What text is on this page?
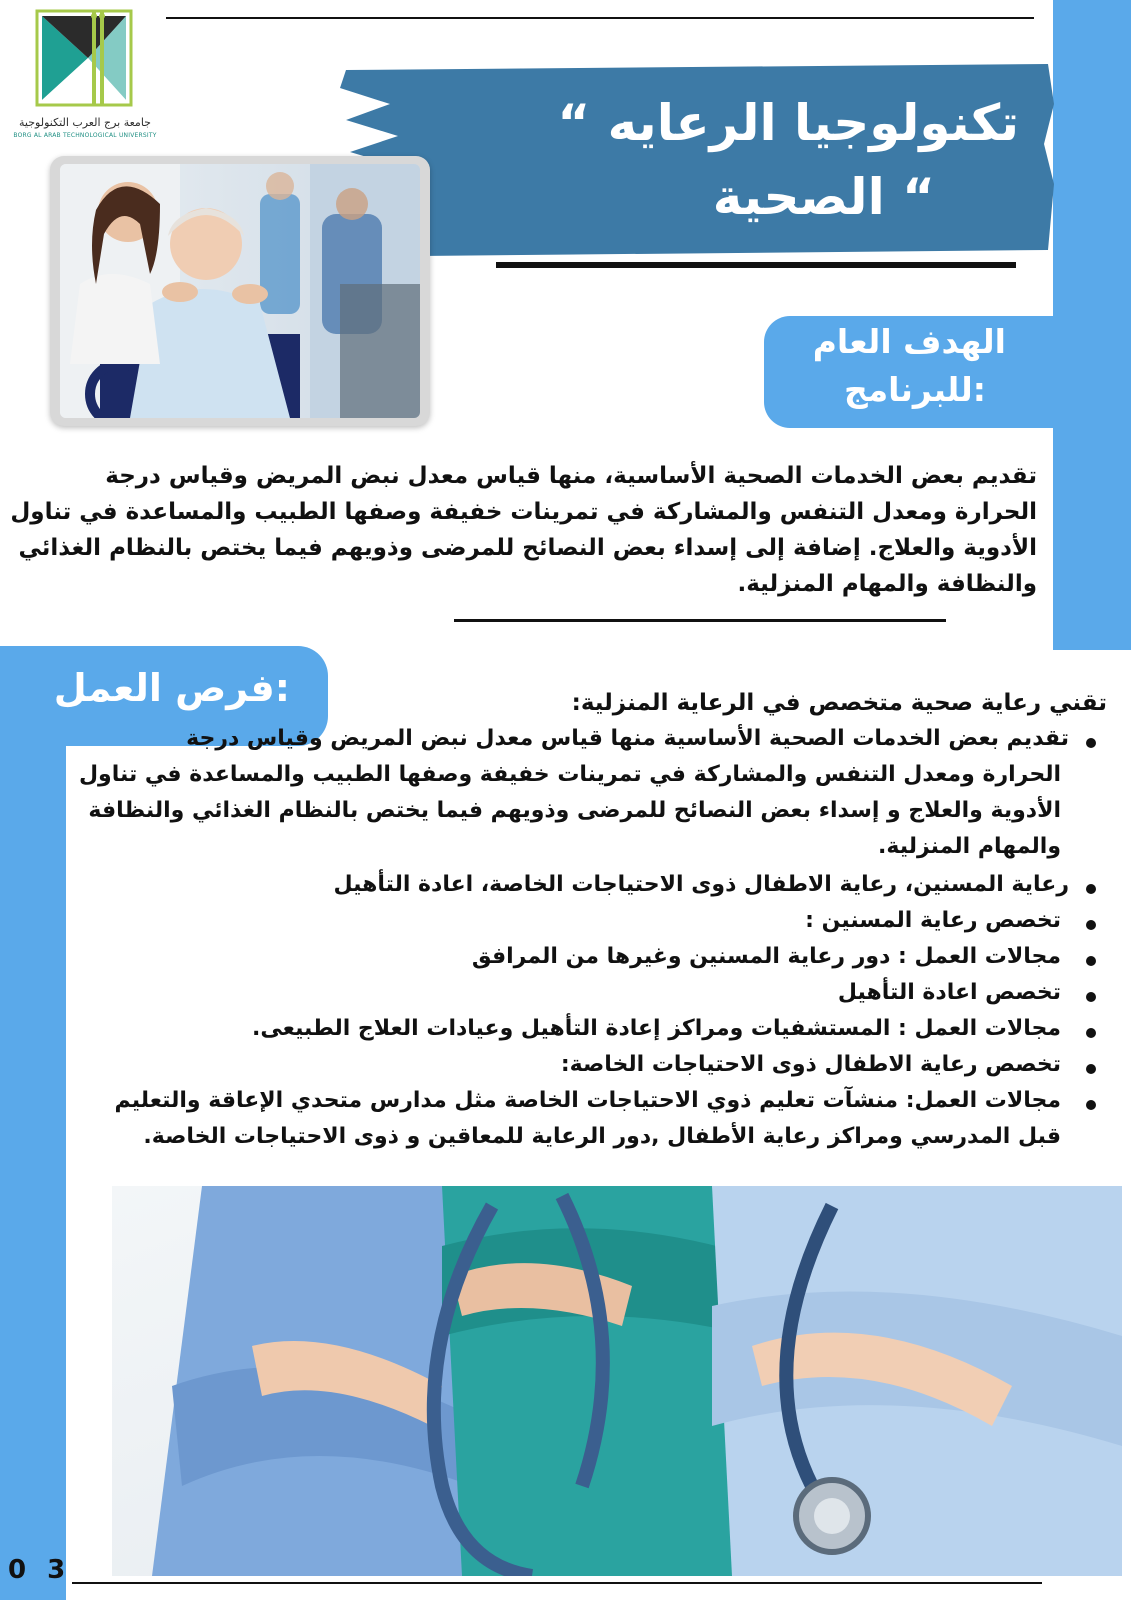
جامعة برج العرب التكنولوجية
BORG AL ARAB TECHNOLOGICAL UNIVERSITY	“ تكنولوجيا الرعايه
الصحية “
الهدف العام
للبرنامج:
تقديم بعض الخدمات الصحية الأساسية، منها قياس معدل نبض المريض وقياس درجة
الحرارة ومعدل التنفس والمشاركة في تمرينات خفيفة وصفها الطبيب والمساعدة في تناول
الأدوية والعلاج. إضافة إلى إسداء بعض النصائح للمرضى وذويهم فيما يختص بالنظام الغذائي
والنظافة والمهام المنزلية.
فرص العمل:	تقني رعاية صحية متخصص في الرعاية المنزلية:
تقديم بعض الخدمات الصحية الأساسية منها قياس معدل نبض المريض وقياس درجة
الحرارة ومعدل التنفس والمشاركة في تمرينات خفيفة وصفها الطبيب والمساعدة في تناول
الأدوية والعلاج و إسداء بعض النصائح للمرضى وذويهم فيما يختص بالنظام الغذائي والنظافة
والمهام المنزلية.
رعاية المسنين، رعاية الاطفال ذوى الاحتياجات الخاصة، اعادة التأهيل
تخصص رعاية المسنين :
مجالات العمل : دور رعاية المسنين وغيرها من المرافق
تخصص اعادة التأهيل
مجالات العمل : المستشفيات ومراكز إعادة التأهيل وعيادات العلاج الطبيعى.
تخصص رعاية الاطفال ذوى الاحتياجات الخاصة:
مجالات العمل: منشآت تعليم ذوي الاحتياجات الخاصة مثل مدارس متحدي الإعاقة والتعليم
قبل المدرسي ومراكز رعاية الأطفال ,دور الرعاية للمعاقين و ذوى الاحتياجات الخاصة.
0 3
